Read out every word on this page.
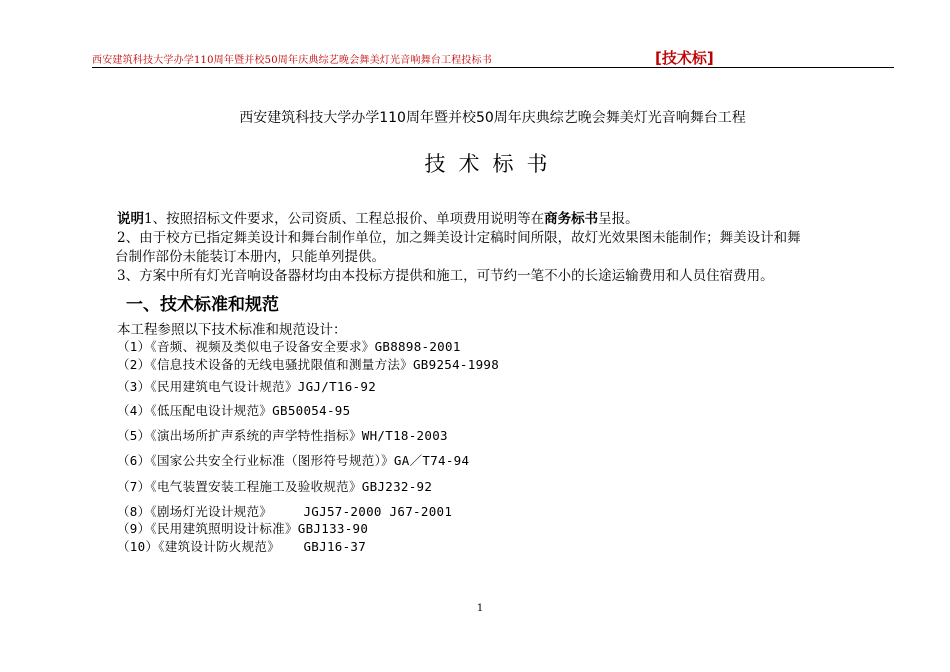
西安建筑科技大学办学110周年暨并校50周年庆典综艺晚会舞美灯光音响舞台工程投标书	[技术标]
西安建筑科技大学办学110周年暨并校50周年庆典综艺晚会舞美灯光音响舞台工程
技术标书

说明1、按照招标文件要求，公司资质、工程总报价、单项费用说明等在商务标书呈报。

2、由于校方已指定舞美设计和舞台制作单位，加之舞美设计定稿时间所限，故灯光效果图未能制作；舞美设计和舞

台制作部份未能装订本册内，只能单列提供。

3、方案中所有灯光音响设备器材均由本投标方提供和施工，可节约一笔不小的长途运输费用和人员住宿费用。

一、技术标准和规范
本工程参照以下技术标准和规范设计：
（1）《音频、视频及类似电子设备安全要求》GB8898-2001
（2）《信息技术设备的无线电骚扰限值和测量方法》GB9254-1998
（3）《民用建筑电气设计规范》JGJ/T16-92
（4）《低压配电设计规范》GB50054-95
（5）《演出场所扩声系统的声学特性指标》WH/T18-2003
（6）《国家公共安全行业标准（图形符号规范）》GA／T74-94
（7）《电气装置安装工程施工及验收规范》GBJ232-92
（8）《剧场灯光设计规范》    JGJ57-2000 J67-2001
（9）《民用建筑照明设计标准》GBJ133-90
（10）《建筑设计防火规范》   GBJ16-37
1
